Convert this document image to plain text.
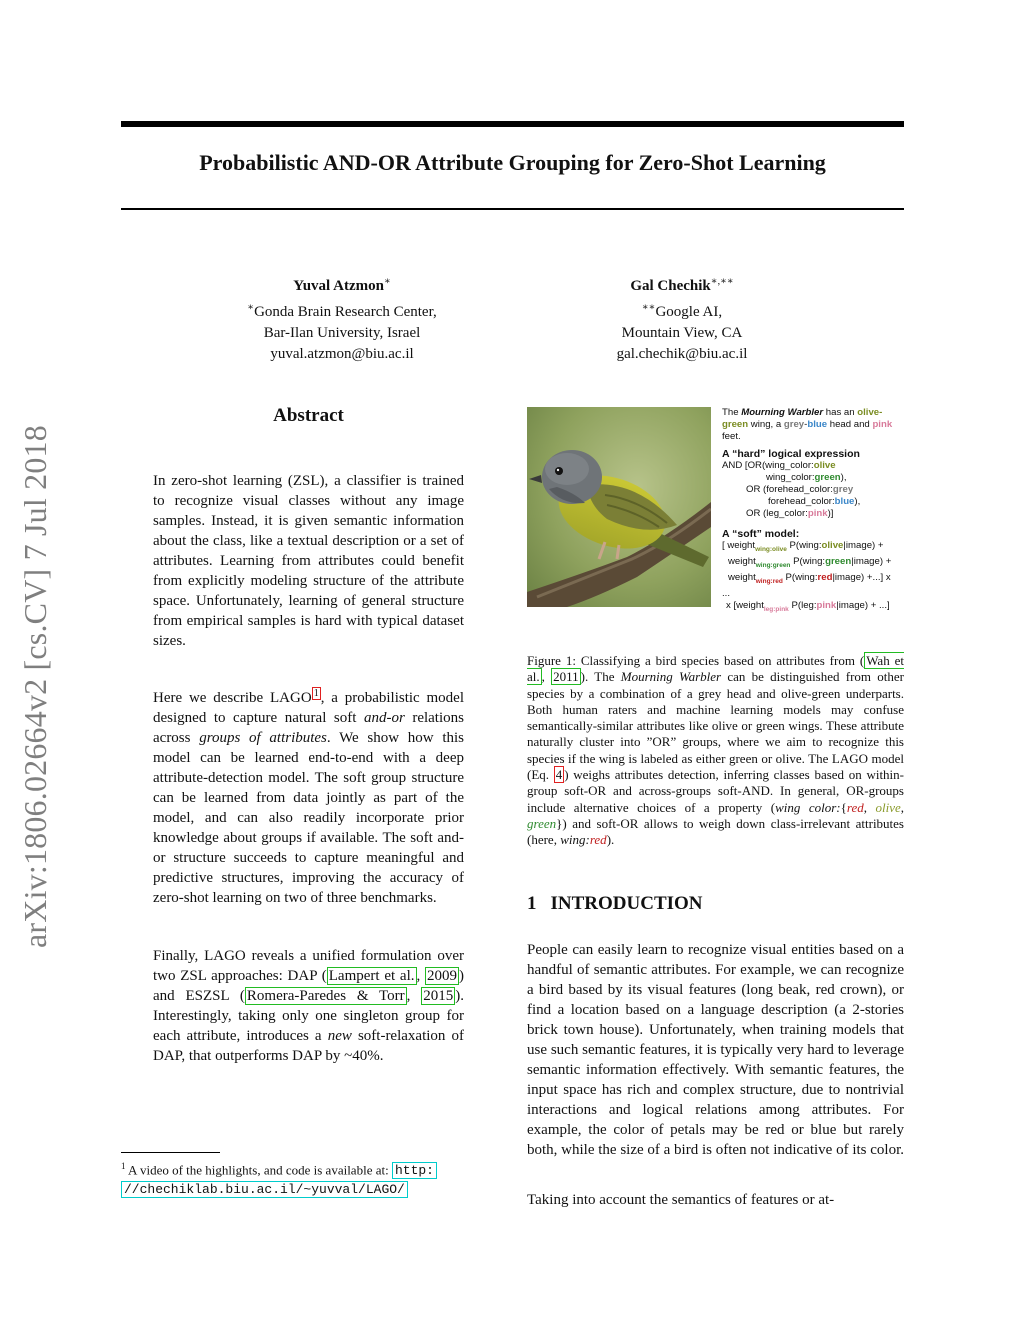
arXiv:1806.02664v2 [cs.CV] 7 Jul 2018
Probabilistic AND-OR Attribute Grouping for Zero-Shot Learning
Yuval Atzmon∗
∗Gonda Brain Research Center,
Bar-Ilan University, Israel
yuval.atzmon@biu.ac.il
Gal Chechik∗,∗∗
∗∗Google AI,
Mountain View, CA
gal.chechik@biu.ac.il
Abstract
In zero-shot learning (ZSL), a classifier is trained to recognize visual classes without any image samples. Instead, it is given semantic information about the class, like a textual description or a set of attributes. Learning from attributes could benefit from explicitly modeling structure of the attribute space. Unfortunately, learning of general structure from empirical samples is hard with typical dataset sizes.
Here we describe LAGO $^1$ , a probabilistic model designed to capture natural soft and-or relations across groups of attributes. We show how this model can be learned end-to-end with a deep attribute-detection model. The soft group structure can be learned from data jointly as part of the model, and can also readily incorporate prior knowledge about groups if available. The soft and-or structure succeeds to capture meaningful and predictive structures, improving the accuracy of zero-shot learning on two of three benchmarks.
Finally, LAGO reveals a unified formulation over two ZSL approaches: DAP ( Lampert et al. , 2009 ) and ESZSL ( Romera-Paredes & Torr , 2015 ). Interestingly, taking only one singleton group for each attribute, introduces a new soft-relaxation of DAP, that outperforms DAP by ~40%.
$^1$ A video of the highlights, and code is available at: http:
//chechiklab.biu.ac.il/~yuvval/LAGO/
The Mourning Warbler has an olive-green wing, a grey-blue head and pink feet.
A “hard” logical expression
AND [OR(wing_color:olive
wing_color:green),
OR (forehead_color:grey
forehead_color:blue),
OR (leg_color:pink)]
A “soft” model:
[ weight$_{wing:olive}$ P(wing:olive|image) +
weight$_{wing:green}$ P(wing:green|image) +
weight$_{wing:red}$ P(wing:red|image) +...] x
...
x [weight$_{leg:pink}$ P(leg:pink|image) + ...]
Figure 1: Classifying a bird species based on attributes from ( Wah et al. , 2011 ). The Mourning Warbler can be distinguished from other species by a combination of a grey head and olive-green underparts. Both human raters and machine learning models may confuse semantically-similar attributes like olive or green wings. These attribute naturally cluster into ”OR” groups, where we aim to recognize this species if the wing is labeled as either green or olive. The LAGO model (Eq. 4 ) weighs attributes detection, inferring classes based on within-group soft-OR and across-groups soft-AND. In general, OR-groups include alternative choices of a property (wing color:{red, olive, green}) and soft-OR allows to weigh down class-irrelevant attributes (here, wing:red).
1 INTRODUCTION
People can easily learn to recognize visual entities based on a handful of semantic attributes. For example, we can recognize a bird based by its visual features (long beak, red crown), or find a location based on a language description (a 2-stories brick town house). Unfortunately, when training models that use such semantic features, it is typically very hard to leverage semantic information effectively. With semantic features, the input space has rich and complex structure, due to nontrivial interactions and logical relations among attributes. For example, the color of petals may be red or blue but rarely both, while the size of a bird is often not indicative of its color.
Taking into account the semantics of features or at-
